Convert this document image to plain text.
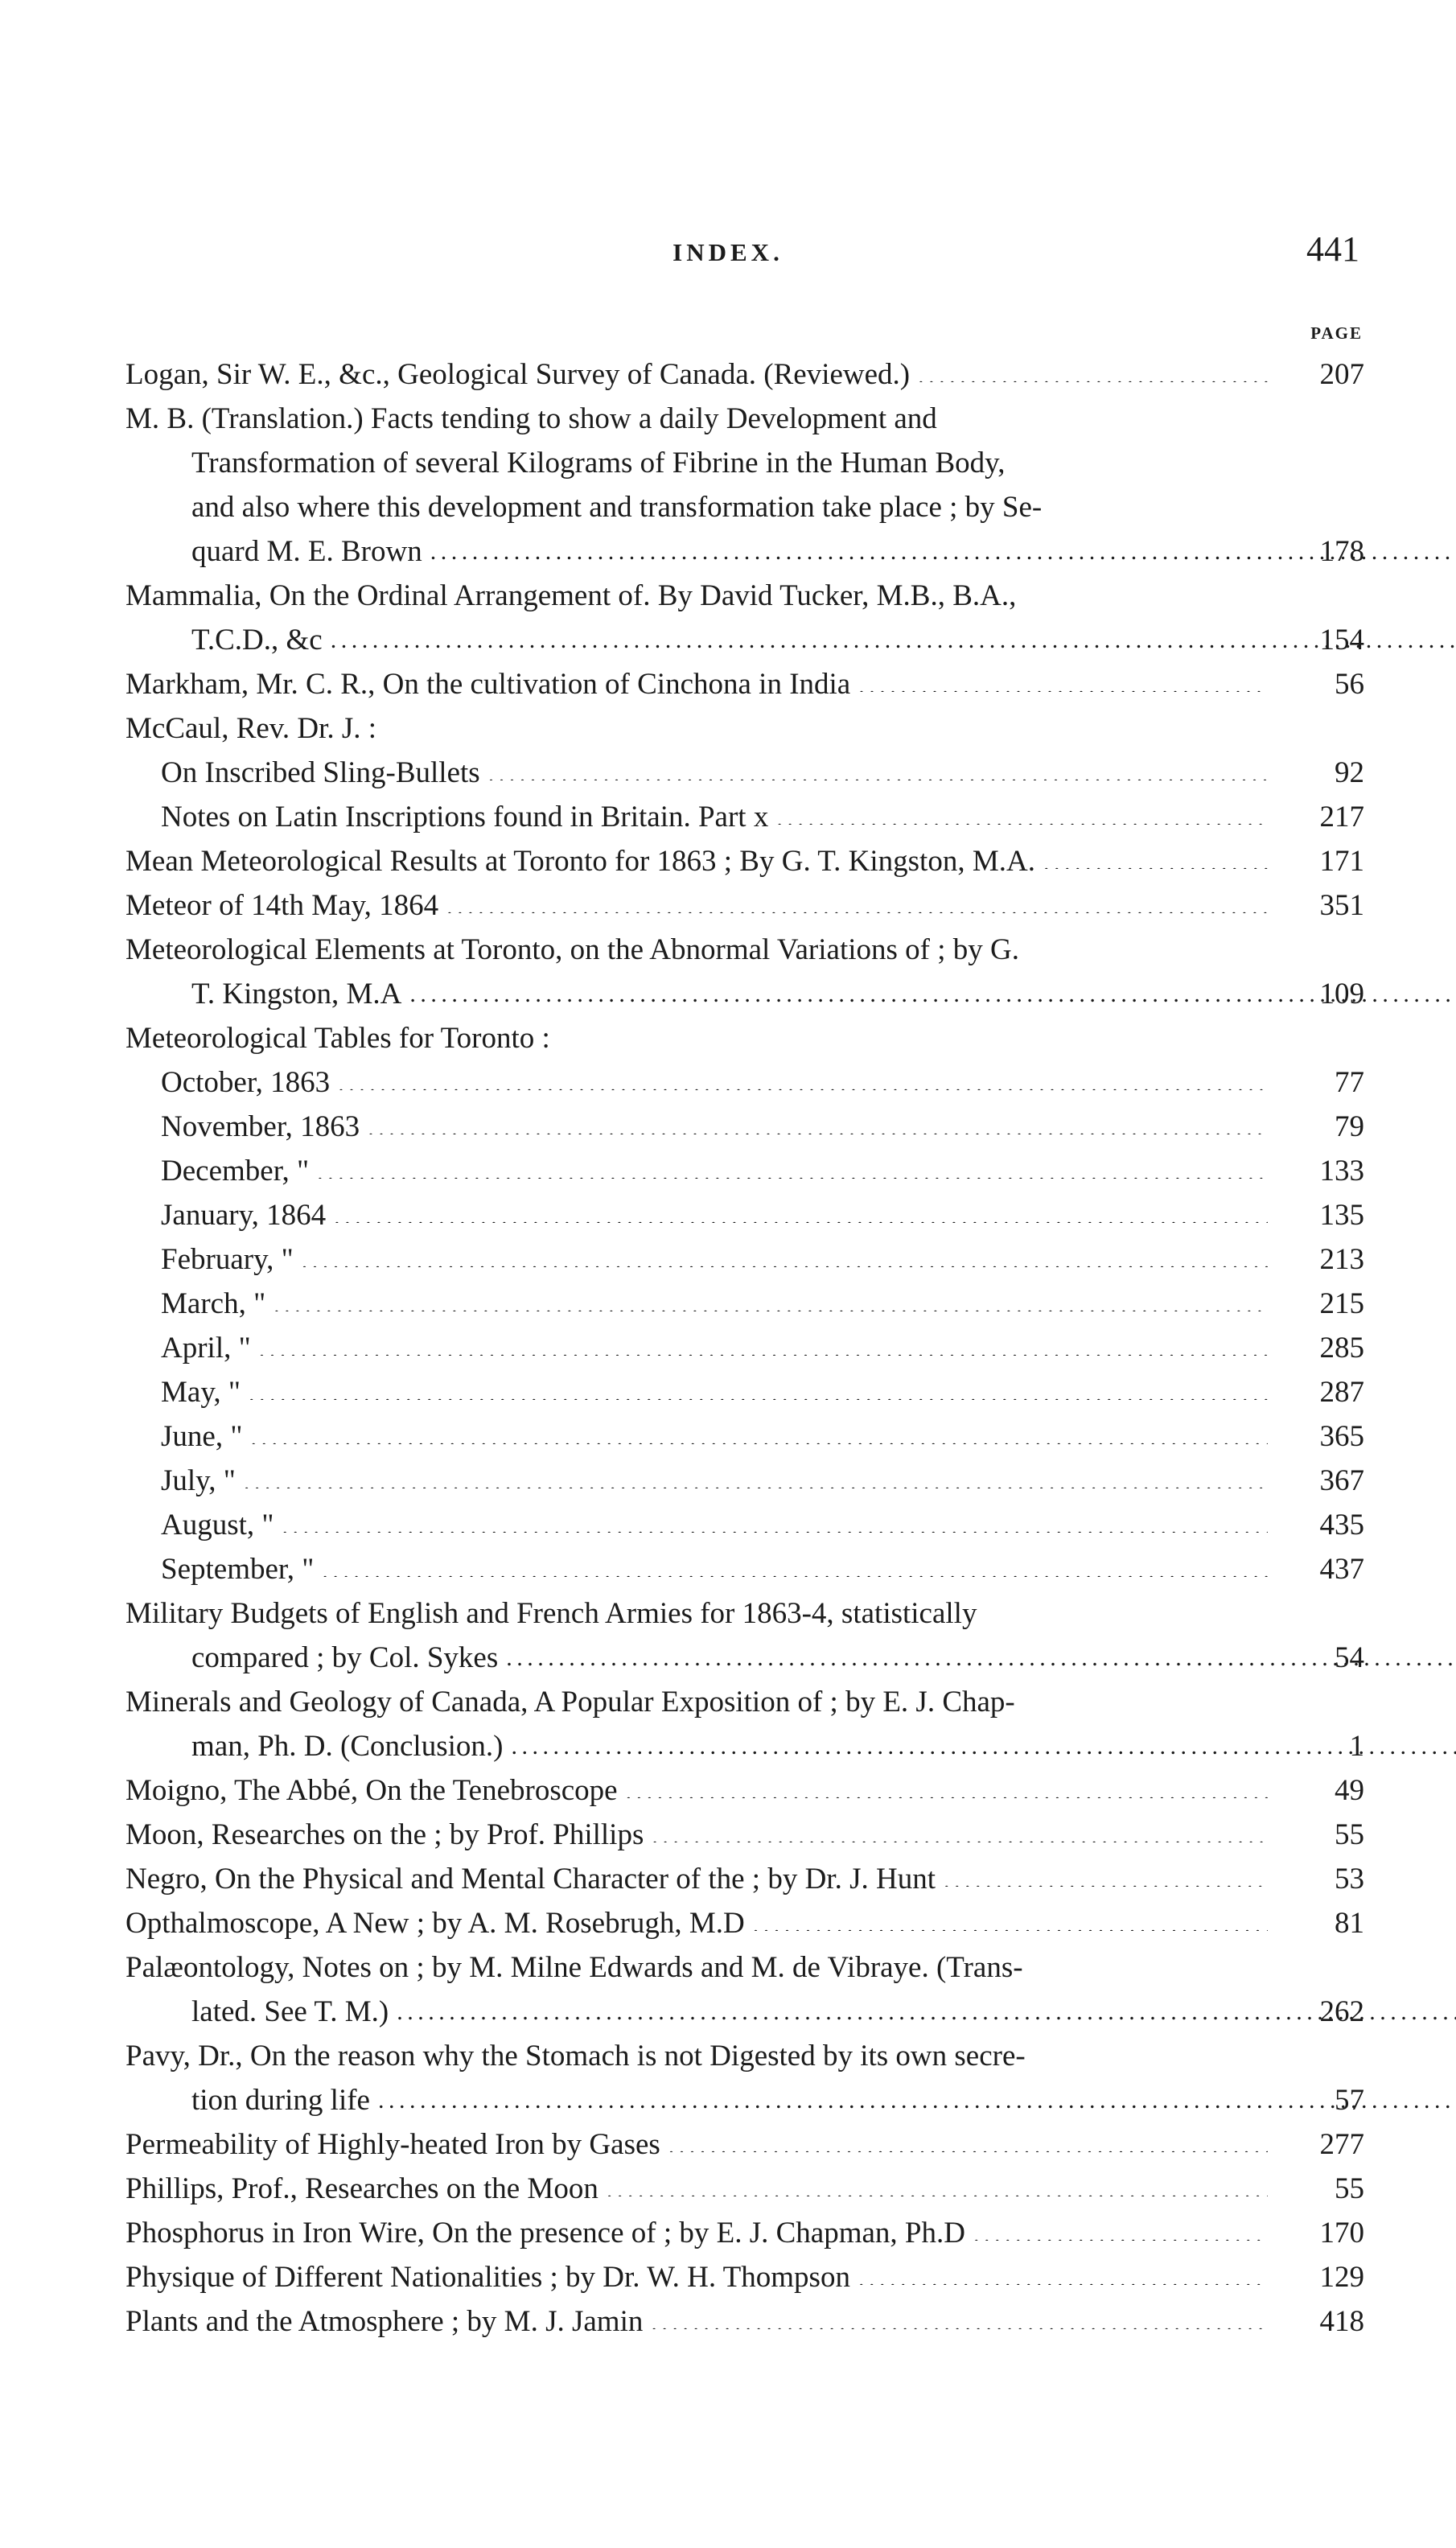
INDEX.	441
PAGE
Logan, Sir W. E., &c., Geological Survey of Canada. (Reviewed.) . . .	207
M. B. (Translation.) Facts tending to show a daily Development and
Transformation of several Kilograms of Fibrine in the Human Body,
and also where this development and transformation take place ; by Se-
quard M. E. Brown . . .	178
Mammalia, On the Ordinal Arrangement of. By David Tucker, M.B., B.A.,
T.C.D., &c . . .	154
Markham, Mr. C. R., On the cultivation of Cinchona in India . . .	56
McCaul, Rev. Dr. J. :
On Inscribed Sling-Bullets . . .	92
Notes on Latin Inscriptions found in Britain. Part x . . .	217
Mean Meteorological Results at Toronto for 1863 ; By G. T. Kingston, M.A. . . .	171
Meteor of 14th May, 1864 . . .	351
Meteorological Elements at Toronto, on the Abnormal Variations of ; by G.
T. Kingston, M.A . . .	109
Meteorological Tables for Toronto :
October, 1863 . . .	77
November, 1863 . . .	79
December, " . . .	133
January, 1864 . . .	135
February, " . . .	213
March, " . . .	215
April, " . . .	285
May, " . . .	287
June, " . . .	365
July, " . . .	367
August, " . . .	435
September, " . . .	437
Military Budgets of English and French Armies for 1863-4, statistically
compared ; by Col. Sykes . . .	54
Minerals and Geology of Canada, A Popular Exposition of ; by E. J. Chap-
man, Ph. D. (Conclusion.) . . .	1
Moigno, The Abbé, On the Tenebroscope . . .	49
Moon, Researches on the ; by Prof. Phillips . . .	55
Negro, On the Physical and Mental Character of the ; by Dr. J. Hunt . . .	53
Opthalmoscope, A New ; by A. M. Rosebrugh, M.D . . .	81
Palæontology, Notes on ; by M. Milne Edwards and M. de Vibraye. (Trans-
lated. See T. M.) . . .	262
Pavy, Dr., On the reason why the Stomach is not Digested by its own secre-
tion during life . . .	57
Permeability of Highly-heated Iron by Gases . . .	277
Phillips, Prof., Researches on the Moon . . .	55
Phosphorus in Iron Wire, On the presence of ; by E. J. Chapman, Ph.D . . .	170
Physique of Different Nationalities ; by Dr. W. H. Thompson . . .	129
Plants and the Atmosphere ; by M. J. Jamin . . .	418
